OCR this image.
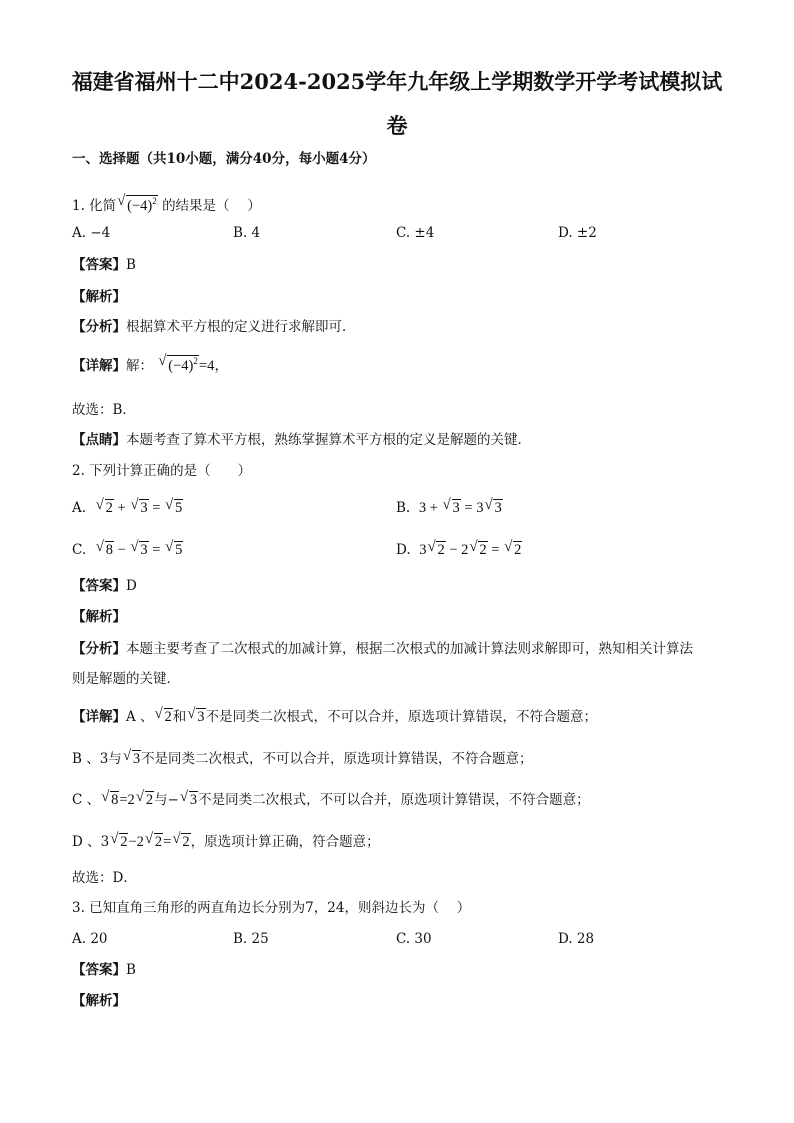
福建省福州十二中2024-2025学年九年级上学期数学开学考试模拟试
卷
一、选择题（共10小题，满分40分，每小题4分）
1. 化简 √ $(-4)^2$ 的结果是（　 ）
A. −4	B. 4	C. ±4	D. ±2
【答案】B
【解析】
【分析】根据算术平方根的定义进行求解即可．
【详解】解： √ $(-4)^2=4$，
故选：B．
【点睛】本题考查了算术平方根，熟练掌握算术平方根的定义是解题的关键．
2. 下列计算正确的是（　　）
A. √ 2 + √ 3 = √ 5	B. 3 + √ 3 = 3 √ 3
C. √ 8 − √ 3 = √ 5	D. 3 √ 2 − 2 √ 2 = √ 2
【答案】D
【解析】
【分析】本题主要考查了二次根式的加减计算，根据二次根式的加减计算法则求解即可，熟知相关计算法
则是解题的关键．
【详解】A 、 √ 2和 √ 3不是同类二次根式，不可以合并，原选项计算错误，不符合题意；
B 、3与 √ 3不是同类二次根式，不可以合并，原选项计算错误，不符合题意；
C 、 √ 8=2 √ 2与− √ 3不是同类二次根式，不可以合并，原选项计算错误，不符合题意；
D 、3 √ 2−2 √ 2= √ 2，原选项计算正确，符合题意；
故选：D．
3. 已知直角三角形的两直角边长分别为7，24，则斜边长为（　 ）
A. 20	B. 25	C. 30	D. 28
【答案】B
【解析】
